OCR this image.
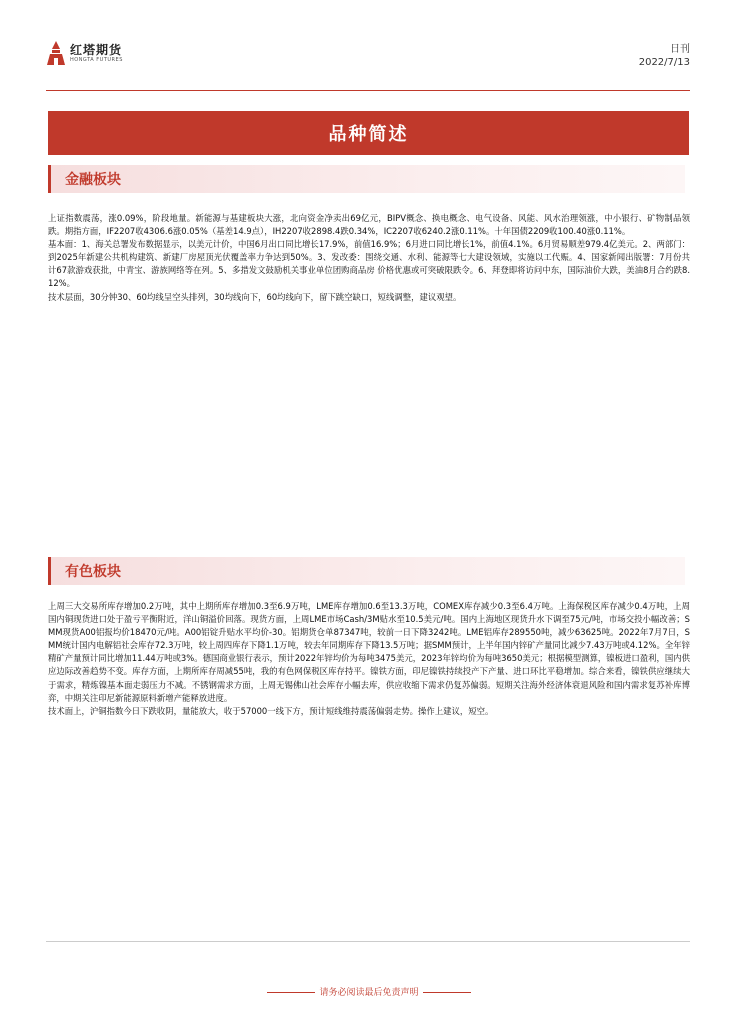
红塔期货
HONGTA FUTURES
日刊
2022/7/13
品种简述
金融板块

上证指数震荡，涨0.09%，阶段地量。新能源与基建板块大涨，北向资金净卖出69亿元，BIPV概念、换电概念、电气设备、风能、风水治理领涨，中小银行、矿物制品领跌。期指方面，IF2207收4306.6涨0.05%（基差14.9点），IH2207收2898.4跌0.34%，IC2207收6240.2涨0.11%。十年国债2209收100.40涨0.11%。

基本面：1、海关总署发布数据显示，以美元计价，中国6月出口同比增长17.9%，前值16.9%；6月进口同比增长1%，前值4.1%。6月贸易顺差979.4亿美元。2、两部门：到2025年新建公共机构建筑、新建厂房屋顶光伏覆盖率力争达到50%。3、发改委：围绕交通、水利、能源等七大建设领域，实施以工代赈。4、国家新闻出版署：7月份共计67款游戏获批，中青宝、游族网络等在列。5、多措发文鼓励机关事业单位团购商品房 价格优惠或可突破限跌令。6、拜登即将访问中东，国际油价大跌，美油8月合约跌8.12%。

技术层面，30分钟30、60均线呈空头排列，30均线向下，60均线向下，留下跳空缺口，短线调整，建议观望。

有色板块

上周三大交易所库存增加0.2万吨，其中上期所库存增加0.3至6.9万吨，LME库存增加0.6至13.3万吨，COMEX库存减少0.3至6.4万吨。上海保税区库存减少0.4万吨，上周国内铜现货进口处于盈亏平衡附近，洋山铜溢价回落。现货方面，上周LME市场Cash/3M贴水至10.5美元/吨。国内上海地区现货升水下调至75元/吨，市场交投小幅改善；SMM现货A00铝报均价18470元/吨。A00铝锭升贴水平均价-30。铝期货仓单87347吨，较前一日下降3242吨。LME铝库存289550吨，减少63625吨。2022年7月7日，SMM统计国内电解铝社会库存72.3万吨，较上周四库存下降1.1万吨，较去年同期库存下降13.5万吨；据SMM预计，上半年国内锌矿产量同比减少7.43万吨或4.12%。全年锌精矿产量预计同比增加11.44万吨或3%。德国商业银行表示，预计2022年锌均价为每吨3475美元，2023年锌均价为每吨3650美元；根据模型测算，镍板进口盈利，国内供应边际改善趋势不变。库存方面，上期所库存周减55吨，我的有色网保税区库存持平。镍铁方面，印尼镍铁持续投产下产量、进口环比平稳增加。综合来看，镍铁供应继续大于需求，精炼镍基本面走弱压力不减。不锈钢需求方面，上周无锡佛山社会库存小幅去库，供应收缩下需求仍复苏偏弱。短期关注海外经济体衰退风险和国内需求复苏补库博弈，中期关注印尼新能源原料新增产能释放进度。

技术面上，沪铜指数今日下跌收阴，量能放大，收于57000一线下方，预计短线维持震荡偏弱走势。操作上建议，短空。

请务必阅读最后免责声明
